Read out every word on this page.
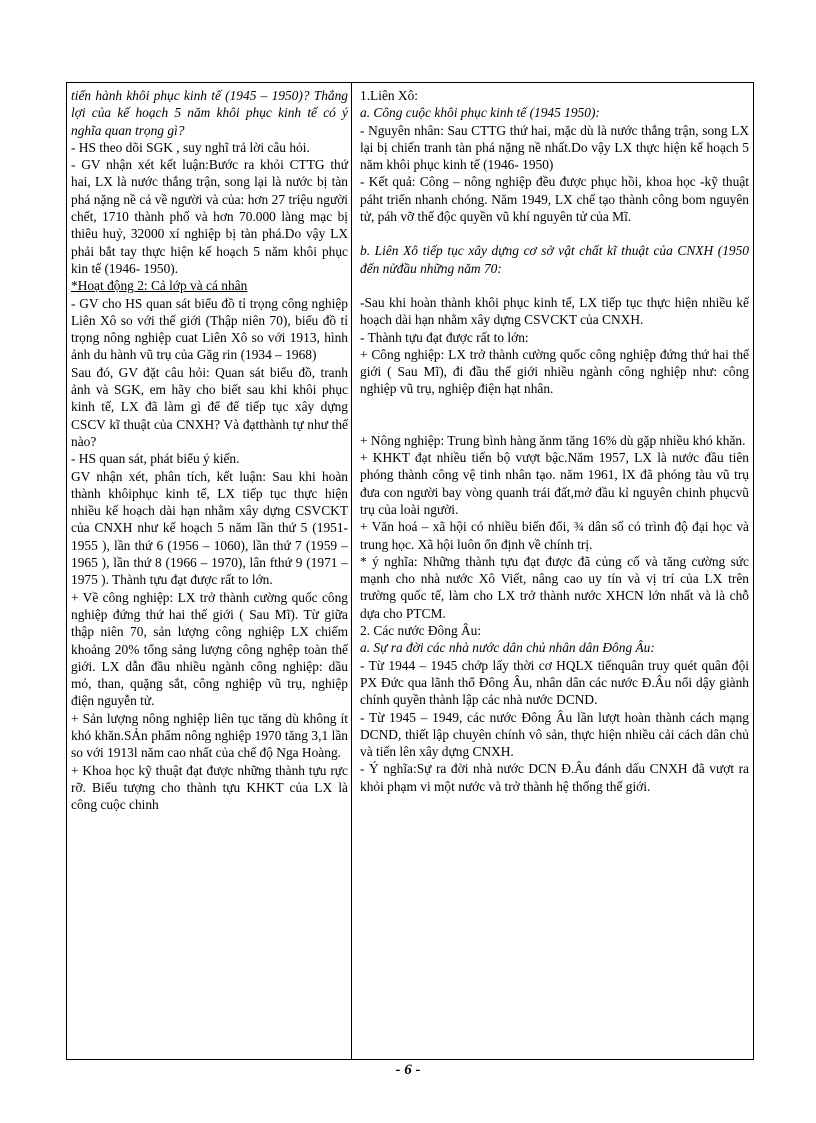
tiến hành khôi phục kinh tế (1945 – 1950)? Thắng lợi của kế hoạch 5 năm khôi phục kinh tế có ý nghĩa quan trọng gì?

- HS theo dõi SGK , suy nghĩ trả lời câu hỏi.

- GV nhận xét kết luận:Bước ra khỏi CTTG thứ hai, LX là nước thắng trận, song lại là nước bị tàn phá nặng nề cả về người và của: hơn 27 triệu người chết, 1710 thành phố và hơn 70.000 làng mạc bị thiêu huỷ, 32000 xí nghiệp bị tàn phá.Do vậy LX phải bắt tay thực hiện kế hoạch 5 năm khôi phục kin tế (1946- 1950).

*Hoạt động 2: Cả lớp và cá nhân

- GV cho HS quan sát biểu đồ tỉ trọng công nghiệp Liên Xô so với thế giới (Thập niên 70), biểu đồ tỉ trọng nông nghiệp cuat Liên Xô so với 1913, hình ảnh du hành vũ trụ của Găg rin (1934 – 1968)

Sau đó, GV đặt câu hỏi: Quan sát biểu đồ, tranh ảnh và SGK, em hãy cho biết sau khi khôi phục kinh tế, LX đã làm gì để để tiếp tục xây dựng CSCV kĩ thuật của CNXH? Và đạtthành tự như thế nào?

- HS quan sát, phát biểu ý kiến.

GV nhận xét, phân tích, kết luận: Sau khi hoàn thành khôiphục kinh tế, LX tiếp tục thực hiện nhiều kế hoạch dài hạn nhằm xây dựng CSVCKT của CNXH như kế hoạch 5 năm lần thứ 5 (1951- 1955 ), lần thứ 6 (1956 – 1060), lần thứ 7 (1959 – 1965 ), lần thứ 8 (1966 – 1970), lân fthứ 9 (1971 – 1975 ). Thành tựu đạt được rất to lớn.

+ Về công nghiệp: LX trở thành cường quốc công nghiệp đứng thứ hai thế giới ( Sau Mĩ). Từ giữa thập niên 70, sản lượng công nghiệp LX chiếm khoảng 20% tổng sảng lượng công nghệp toàn thế giới. LX dẫn đầu nhiều ngành công nghiệp: dầu mỏ, than, quặng sắt, công nghiệp vũ trụ, nghiệp điện nguyễn tử.

+ Sản lượng nông nghiệp liên tục tăng dù không ít khó khăn.SẢn phẩm nông nghiệp 1970 tăng 3,1 lần so với 1913l năm cao nhất của chế độ Nga Hoàng.

+ Khoa học kỹ thuật đạt được những thành tựu rực rỡ. Biểu tượng cho thành tựu KHKT của LX là công cuộc chinh

1.Liên Xô:

a. Công cuộc khôi phục kinh tế (1945 1950):

- Nguyên nhân: Sau CTTG thứ hai, mặc dù là nước thắng trận, song LX lại bị chiến tranh tàn phá nặng nề nhất.Do vậy LX thực hiện kế hoạch 5 năm khôi phục kinh tế (1946- 1950)

- Kết quả: Công – nông nghiệp đều được phục hồi, khoa học -kỹ thuật páht triển nhanh chóng. Năm 1949, LX chế tạo thành công bom nguyên tử, páh vỡ thế độc quyền vũ khí nguyên tử của Mĩ.

b. Liên Xô tiếp tục xây dựng cơ sở vật chất kĩ thuật của CNXH (1950 đến nửđầu những năm 70:

-Sau khi hoàn thành khôi phục kinh tế, LX tiếp tục thực hiện nhiều kế hoạch dài hạn nhằm xây dựng CSVCKT của CNXH.

- Thành tựu đạt được rất to lớn:

+ Công nghiệp: LX trở thành cường quốc công nghiệp đứng thứ hai thế giới ( Sau Mĩ), đi đầu thế giới nhiều ngành công nghiệp như: công nghiệp vũ trụ, nghiệp điện hạt nhân.

+ Nông nghiệp: Trung bình hàng ănm tăng 16% dù gặp nhiều khó khăn.

+ KHKT đạt nhiều tiến bộ vượt bậc.Năm 1957, LX là nước đầu tiên phóng thành công vệ tinh nhân tạo. năm 1961, lX đã phóng tàu vũ trụ đưa con người bay vòng quanh trái đất,mở đầu kỉ nguyên chinh phụcvũ trụ của loài người.

+ Văn hoá – xã hội có nhiều biến đổi, ¾ dân số có trình độ đại học và trung học. Xã hội luôn ổn định về chính trị.

* ý nghĩa: Những thành tựu đạt được đã củng cố và tăng cường sức mạnh cho nhà nước Xô Viết, nâng cao uy tín và vị trí của LX trên trường quốc tế, làm cho LX trở thành nước XHCN lớn nhất và là chỗ dựa cho PTCM.

2. Các nước Đông Âu:

a. Sự ra đời các nhà nước dân chủ nhân dân Đông Âu:

- Từ 1944 – 1945 chớp lấy thời cơ HQLX tiếnquân truy quét quân đội PX Đức qua lãnh thổ Đông Âu, nhân dân các nước Đ.Âu nổi dậy giành chính quyền thành lập các nhà nước DCND.

- Từ 1945 – 1949, các nước Đông Âu lần lượt hoàn thành cách mạng DCND, thiết lập chuyên chính vô sản, thực hiện nhiều cải cách dân chủ và tiến lên xây dựng CNXH.

- Ý nghĩa:Sự ra đời nhà nước DCN Đ.Âu đánh dấu CNXH đã vượt ra khỏi phạm vi một nước và trở thành hệ thống thế giới.

- 6 -
